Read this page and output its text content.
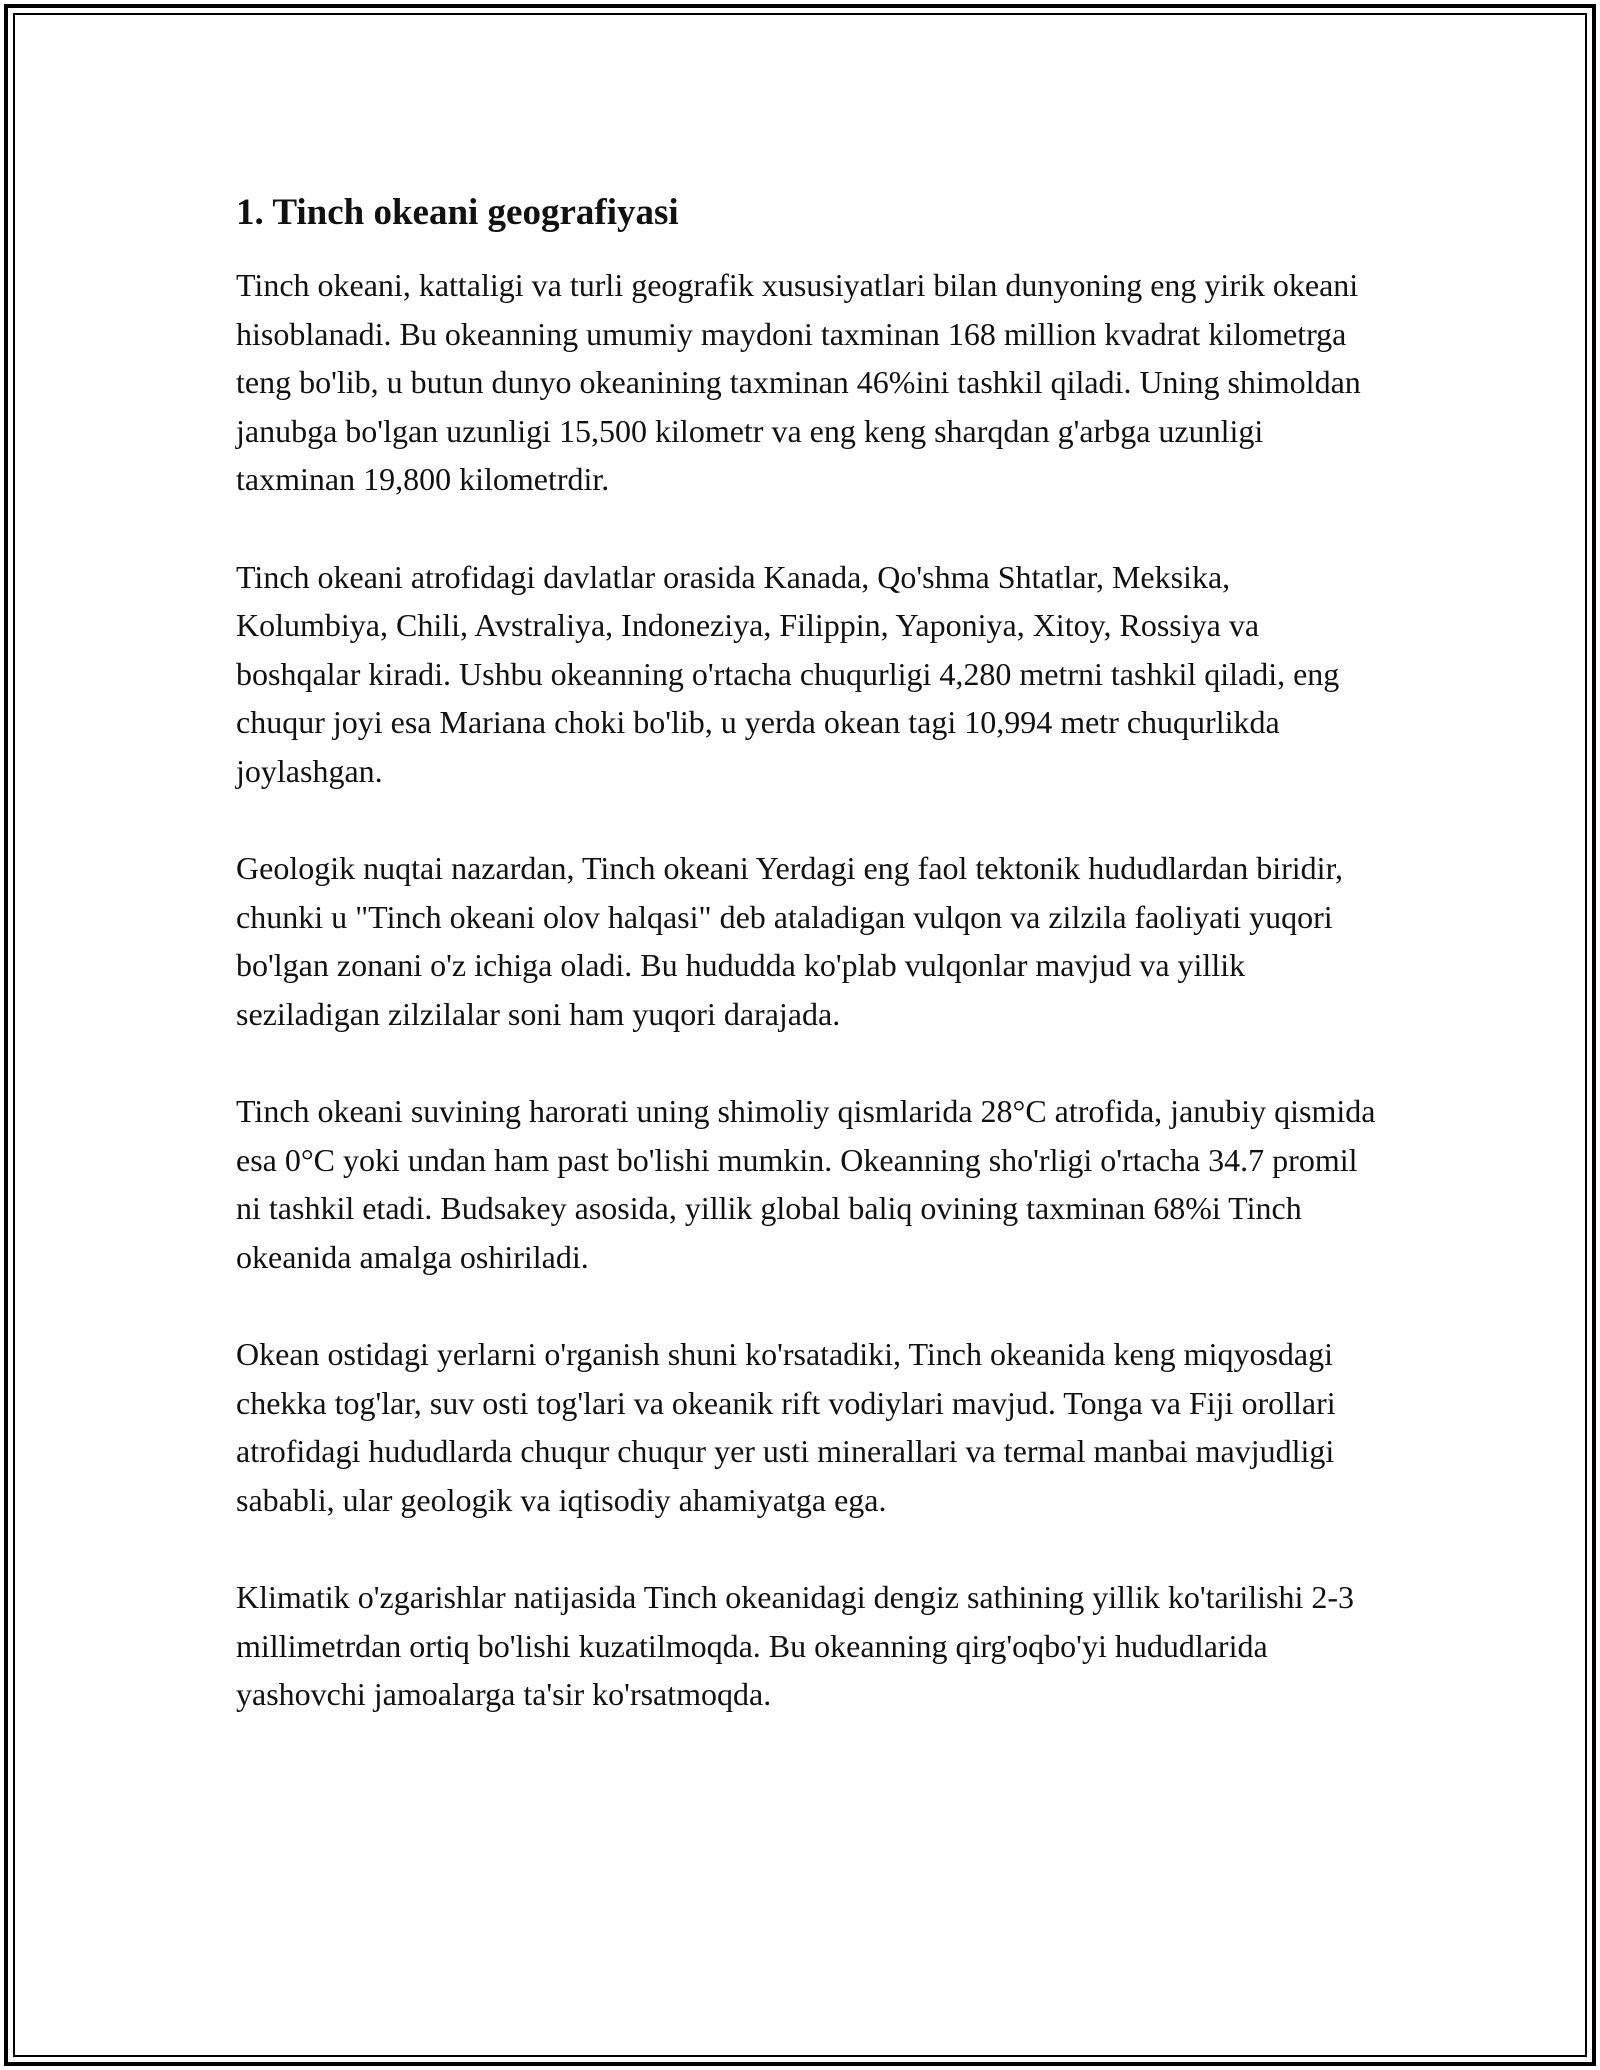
1. Tinch okeani geografiyasi

Tinch okeani, kattaligi va turli geografik xususiyatlari bilan dunyoning eng yirik okeani hisoblanadi. Bu okeanning umumiy maydoni taxminan 168 million kvadrat kilometrga teng bo'lib, u butun dunyo okeanining taxminan 46%ini tashkil qiladi. Uning shimoldan janubga bo'lgan uzunligi 15,500 kilometr va eng keng sharqdan g'arbga uzunligi taxminan 19,800 kilometrdir.

Tinch okeani atrofidagi davlatlar orasida Kanada, Qo'shma Shtatlar, Meksika, Kolumbiya, Chili, Avstraliya, Indoneziya, Filippin, Yaponiya, Xitoy, Rossiya va boshqalar kiradi. Ushbu okeanning o'rtacha chuqurligi 4,280 metrni tashkil qiladi, eng chuqur joyi esa Mariana choki bo'lib, u yerda okean tagi 10,994 metr chuqurlikda joylashgan.

Geologik nuqtai nazardan, Tinch okeani Yerdagi eng faol tektonik hududlardan biridir, chunki u "Tinch okeani olov halqasi" deb ataladigan vulqon va zilzila faoliyati yuqori bo'lgan zonani o'z ichiga oladi. Bu hududda ko'plab vulqonlar mavjud va yillik seziladigan zilzilalar soni ham yuqori darajada.

Tinch okeani suvining harorati uning shimoliy qismlarida 28°C atrofida, janubiy qismida esa 0°C yoki undan ham past bo'lishi mumkin. Okeanning sho'rligi o'rtacha 34.7 promil ni tashkil etadi. Budsakey asosida, yillik global baliq ovining taxminan 68%i Tinch okeanida amalga oshiriladi.

Okean ostidagi yerlarni o'rganish shuni ko'rsatadiki, Tinch okeanida keng miqyosdagi chekka tog'lar, suv osti tog'lari va okeanik rift vodiylari mavjud. Tonga va Fiji orollari atrofidagi hududlarda chuqur chuqur yer usti minerallari va termal manbai mavjudligi sababli, ular geologik va iqtisodiy ahamiyatga ega.

Klimatik o'zgarishlar natijasida Tinch okeanidagi dengiz sathining yillik ko'tarilishi 2-3 millimetrdan ortiq bo'lishi kuzatilmoqda. Bu okeanning qirg'oqbo'yi hududlarida yashovchi jamoalarga ta'sir ko'rsatmoqda.
